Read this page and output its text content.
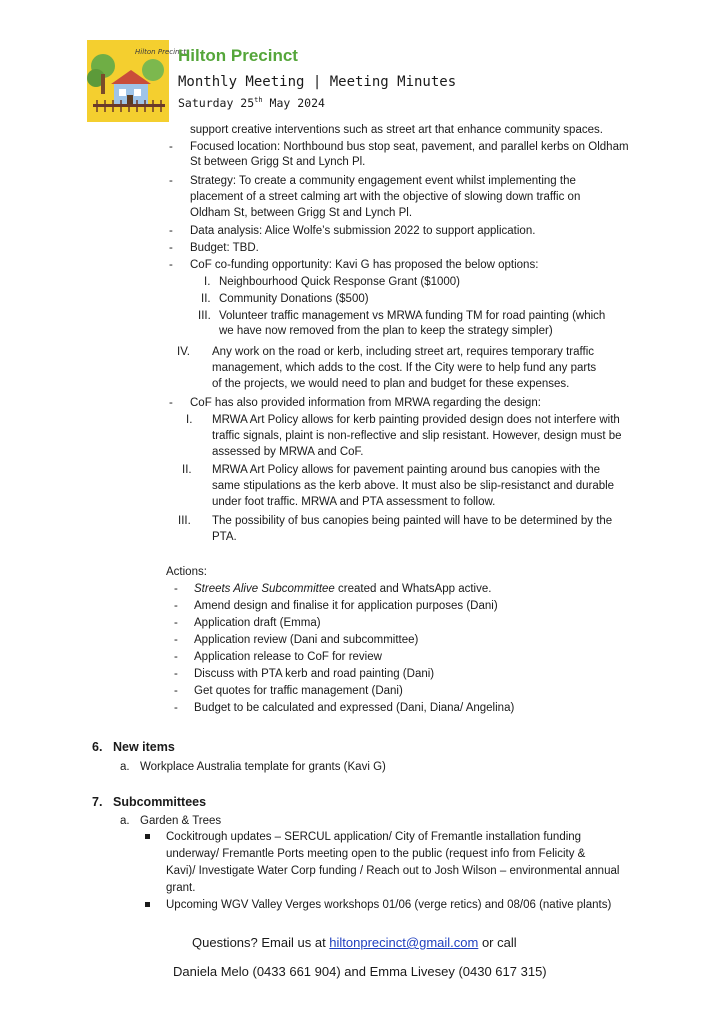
Hilton Precinct
Hilton Precinct
Monthly Meeting | Meeting Minutes
Saturday 25th May 2024
support creative interventions such as street art that enhance community spaces.
- Focused location: Northbound bus stop seat, pavement, and parallel kerbs on Oldham
St between Grigg St and Lynch Pl.
- Strategy: To create a community engagement event whilst implementing the
placement of a street calming art with the objective of slowing down traffic on
Oldham St, between Grigg St and Lynch Pl.
- Data analysis: Alice Wolfe’s submission 2022 to support application.
- Budget: TBD.
- CoF co-funding opportunity: Kavi G has proposed the below options:
I. Neighbourhood Quick Response Grant ($1000)
II. Community Donations ($500)
III. Volunteer traffic management vs MRWA funding TM for road painting (which
we have now removed from the plan to keep the strategy simpler)
IV. Any work on the road or kerb, including street art, requires temporary traffic
management, which adds to the cost. If the City were to help fund any parts
of the projects, we would need to plan and budget for these expenses.
- CoF has also provided information from MRWA regarding the design:
I. MRWA Art Policy allows for kerb painting provided design does not interfere with
traffic signals, plaint is non-reflective and slip resistant. However, design must be
assessed by MRWA and CoF.
II. MRWA Art Policy allows for pavement painting around bus canopies with the
same stipulations as the kerb above. It must also be slip-resistanct and durable
under foot traffic. MRWA and PTA assessment to follow.
III. The possibility of bus canopies being painted will have to be determined by the
PTA.
Actions:
- Streets Alive Subcommittee created and WhatsApp active.
- Amend design and finalise it for application purposes (Dani)
- Application draft (Emma)
- Application review (Dani and subcommittee)
- Application release to CoF for review
- Discuss with PTA kerb and road painting (Dani)
- Get quotes for traffic management (Dani)
- Budget to be calculated and expressed (Dani, Diana/ Angelina)
6. New items
a. Workplace Australia template for grants (Kavi G)
7. Subcommittees
a. Garden & Trees
Cockitrough updates – SERCUL application/ City of Fremantle installation funding
underway/ Fremantle Ports meeting open to the public (request info from Felicity &
Kavi)/ Investigate Water Corp funding / Reach out to Josh Wilson – environmental annual
grant.
Upcoming WGV Valley Verges workshops 01/06 (verge retics) and 08/06 (native plants)
Questions? Email us at hiltonprecinct@gmail.com or call
Daniela Melo (0433 661 904) and Emma Livesey (0430 617 315)
